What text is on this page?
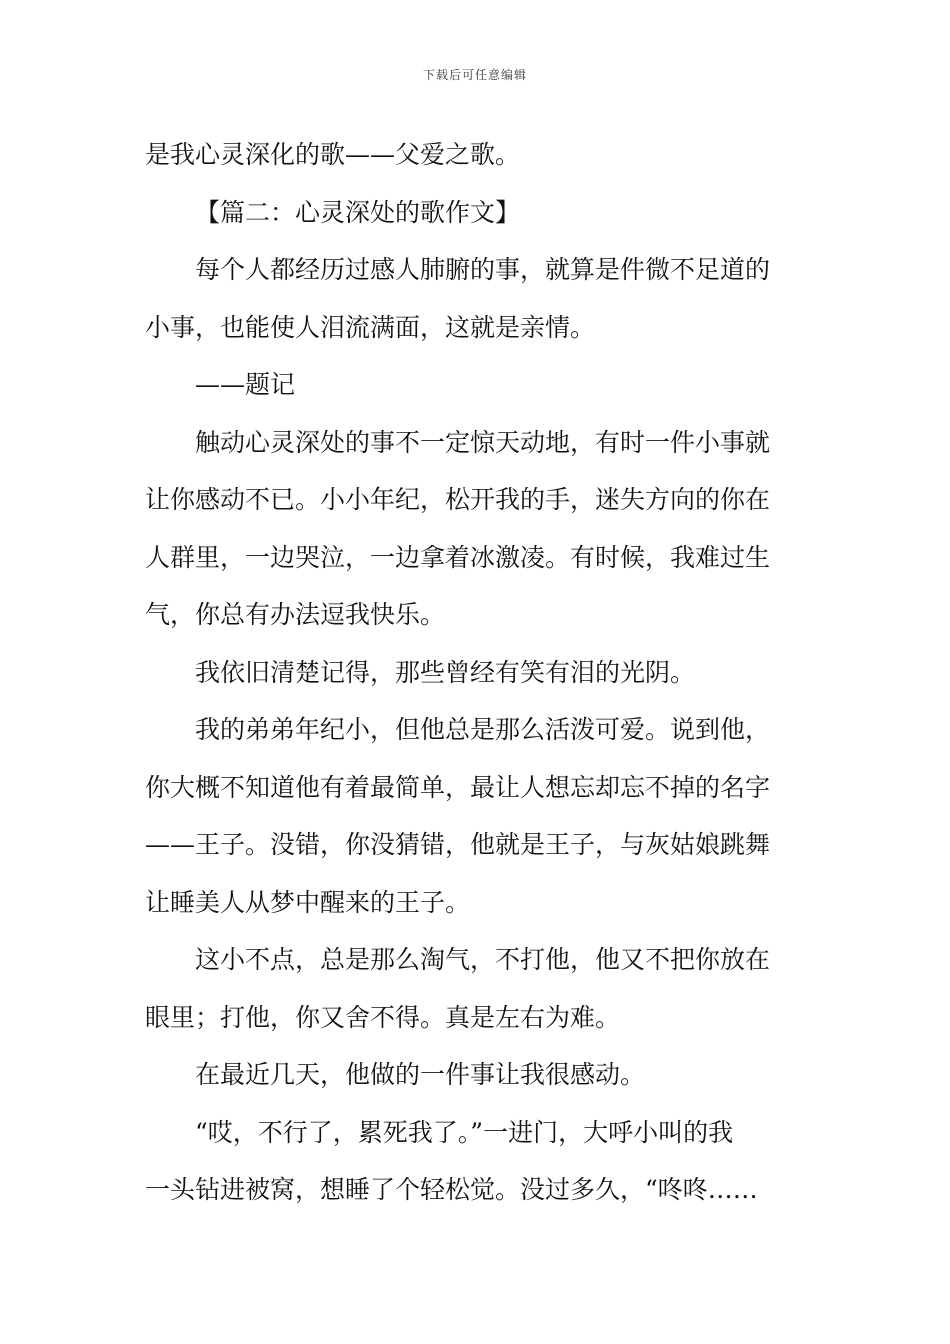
下载后可任意编辑
是我心灵深化的歌——父爱之歌。
【篇二：心灵深处的歌作文】
每个人都经历过感人肺腑的事，就算是件微不足道的
小事，也能使人泪流满面，这就是亲情。
——题记
触动心灵深处的事不一定惊天动地，有时一件小事就
让你感动不已。小小年纪，松开我的手，迷失方向的你在
人群里，一边哭泣，一边拿着冰激凌。有时候，我难过生
气，你总有办法逗我快乐。
我依旧清楚记得，那些曾经有笑有泪的光阴。
我的弟弟年纪小，但他总是那么活泼可爱。说到他，
你大概不知道他有着最简单，最让人想忘却忘不掉的名字
——王子。没错，你没猜错，他就是王子，与灰姑娘跳舞
让睡美人从梦中醒来的王子。
这小不点，总是那么淘气，不打他，他又不把你放在
眼里；打他，你又舍不得。真是左右为难。
在最近几天，他做的一件事让我很感动。
“哎，不行了，累死我了。”一进门，大呼小叫的我
一头钻进被窝，想睡了个轻松觉。没过多久，“咚咚……
